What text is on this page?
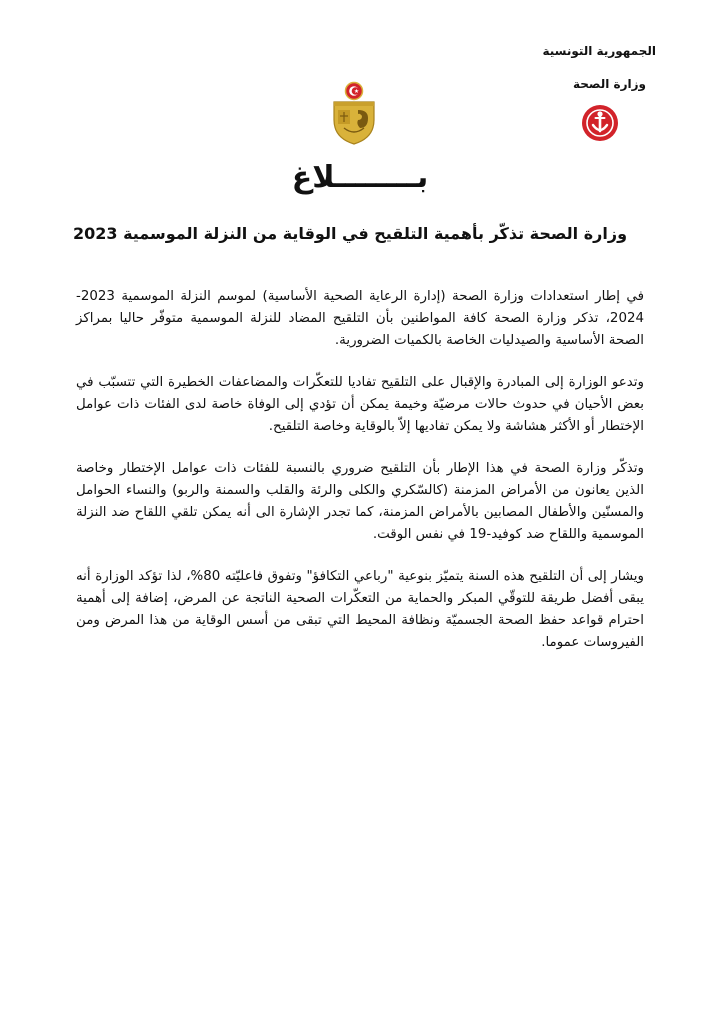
الجمهورية التونسية
وزارة الصحة
بــــــــلاغ
وزارة الصحة تذكّر بأهمية التلقيح في الوقاية من النزلة الموسمية 2023

في إطار استعدادات وزارة الصحة (إدارة الرعاية الصحية الأساسية) لموسم النزلة الموسمية 2023-2024، تذكر وزارة الصحة كافة المواطنين بأن التلقيح المضاد للنزلة الموسمية متوفّر حاليا بمراكز الصحة الأساسية والصيدليات الخاصة بالكميات الضرورية.

وتدعو الوزارة إلى المبادرة والإقبال على التلقيح تفاديا للتعكّرات والمضاعفات الخطيرة التي تتسبّب في بعض الأحيان في حدوث حالات مرضيّة وخيمة يمكن أن تؤدي إلى الوفاة خاصة لدى الفئات ذات عوامل الإختطار أو الأكثر هشاشة ولا يمكن تفاديها إلاّ بالوقاية وخاصة التلقيح.

وتذكّر وزارة الصحة في هذا الإطار بأن التلقيح ضروري بالنسبة للفئات ذات عوامل الإختطار وخاصة الذين يعانون من الأمراض المزمنة (كالسّكري والكلى والرئة والقلب والسمنة والربو) والنساء الحوامل والمسنّين والأطفال المصابين بالأمراض المزمنة، كما تجدر الإشارة الى أنه يمكن تلقي اللقاح ضد النزلة الموسمية واللقاح ضد كوفيد-19 في نفس الوقت.

ويشار إلى أن التلقيح هذه السنة يتميّز بنوعية "رباعي التكافؤ" وتفوق فاعليّته 80%، لذا تؤكد الوزارة أنه يبقى أفضل طريقة للتوقّي المبكر والحماية من التعكّرات الصحية الناتجة عن المرض، إضافة إلى أهمية احترام قواعد حفظ الصحة الجسميّة ونظافة المحيط التي تبقى من أسس الوقاية من هذا المرض ومن الفيروسات عموما.
